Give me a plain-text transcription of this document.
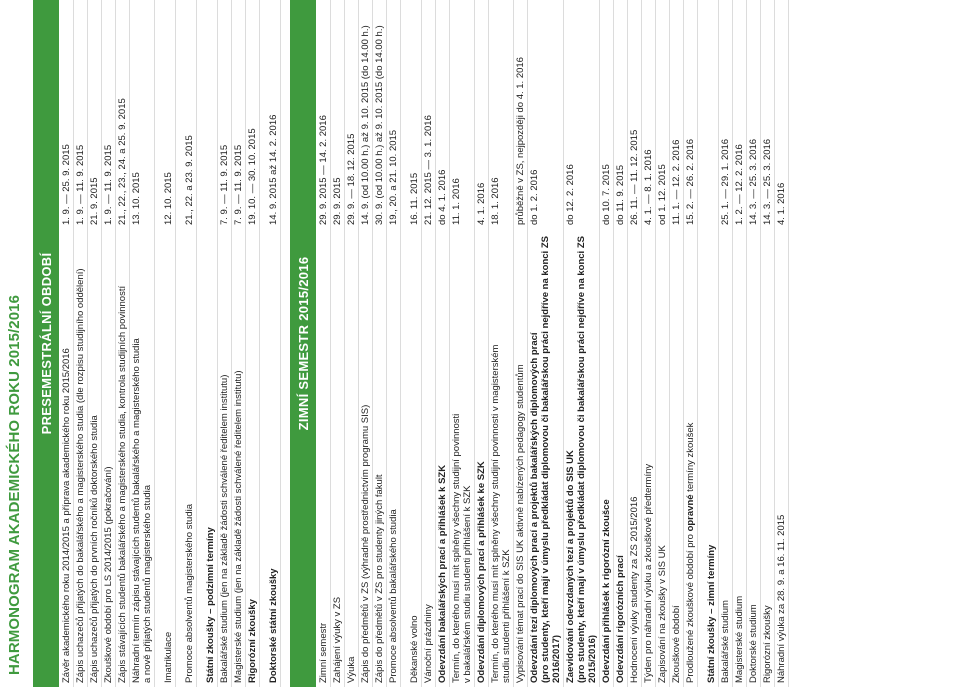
HARMONOGRAM AKADEMICKÉHO ROKU 2015/2016	PRESEMESTRÁLNÍ OBDOBÍ
Závěr akademického roku 2014/2015 a příprava akademického roku 2015/2016
1. 9. — 25. 9. 2015
Zápis uchazečů přijatých do bakalářského a magisterského studia (dle rozpisu studijního oddělení)
1. 9. — 11. 9. 2015
Zápis uchazečů přijatých do prvních ročníků doktorského studia
21. 9. 2015
Zkouškové období pro LS 2014/2015 (pokračování)
1. 9. — 11. 9. 2015
Zápis stávajících studentů bakalářského a magisterského studia, kontrola studijních povinností
21., 22., 23., 24. a 25. 9. 2015
Náhradní termín zápisu stávajících studentů bakalářského a magisterského studia a nově přijatých studentů magisterského studia
13. 10. 2015
Imatrikulace
12. 10. 2015
Promoce absolventů magisterského studia
21., 22. a 23. 9. 2015
Státní zkoušky – podzimní termíny Bakalářské studium (jen na základě žádosti schválené ředitelem institutu)
7. 9. — 11. 9. 2015
Magisterské studium (jen na základě žádosti schválené ředitelem institutu)
7. 9. — 11. 9. 2015
Rigorózní zkoušky
19. 10. — 30. 10. 2015
Doktorské státní zkoušky
14. 9. 2015 až 14. 2. 2016
ZIMNÍ SEMESTR 2015/2016
Zimní semestr
29. 9. 2015 — 14. 2. 2016
Zahájení výuky v ZS
29. 9. 2015
Výuka
29. 9. — 18. 12. 2015
Zápis do předmětů v ZS (výhradně prostřednictvím programu SIS)
14. 9. (od 10.00 h.) až 9. 10. 2015 (do 14.00 h.)
Zápis do předmětů v ZS pro studenty jiných fakult
30. 9. (od 10.00 h.) až 9. 10. 2015 (do 14.00 h.)
Promoce absolventů bakalářského studia
19., 20. a 21. 10. 2015
Děkanské volno
16. 11. 2015
Vánoční prázdniny
21. 12. 2015 — 3. 1. 2016
Odevzdání bakalářských prací a přihlášek k SZK
do 4. 1. 2016
Termín, do kterého musí mít splněny všechny studijní povinnosti v bakalářském studiu studenti přihlášení k SZK
11. 1. 2016
Odevzdání diplomových prací a přihlášek ke SZK
4. 1. 2016
Termín, do kterého musí mít splněny všechny studijní povinnosti v magisterském studiu studenti přihlášení k SZK
18. 1. 2016
Vypisování témat prací do SIS UK aktivně nabízených pedagogy studentům
průběžně v ZS, nejpozději do 4. 1. 2016
Odevzdání tezí diplomových prací a projektů bakalářských diplomových prací (pro studenty, kteří mají v úmyslu předkládat diplomovou či bakalářskou práci nejdříve na konci ZS 2016/2017)
do 1. 2. 2016
Zaevidování odevzdaných tezí a projektů do SIS UK (pro studenty, kteří mají v úmyslu předkládat diplomovou či bakalářskou práci nejdříve na konci ZS 2015/2016)
do 12. 2. 2016
Odevzdání přihlášek k rigorózní zkoušce
do 10. 7. 2015
Odevzdání rigorózních prací
do 11. 9. 2015
Hodnocení výuky studenty za ZS 2015/2016
26. 11. — 11. 12. 2015
Týden pro náhradní výuku a zkouškové předtermíny
4. 1. — 8. 1. 2016
Zapisování na zkoušky v SIS UK
od 1. 12. 2015
Zkouškové období
11. 1. — 12. 2. 2016
Prodloužené zkouškové období pro opravné termíny zkoušek
15. 2. — 26. 2. 2016
Státní zkoušky – zimní termíny Bakalářské studium
25. 1. — 29. 1. 2016
Magisterské studium
1. 2. — 12. 2. 2016
Doktorské studium
14. 3. — 25. 3. 2016
Rigorózní zkoušky
14. 3. — 25. 3. 2016
Náhradní výuka za 28. 9. a 16. 11. 2015
4. 1. 2016
